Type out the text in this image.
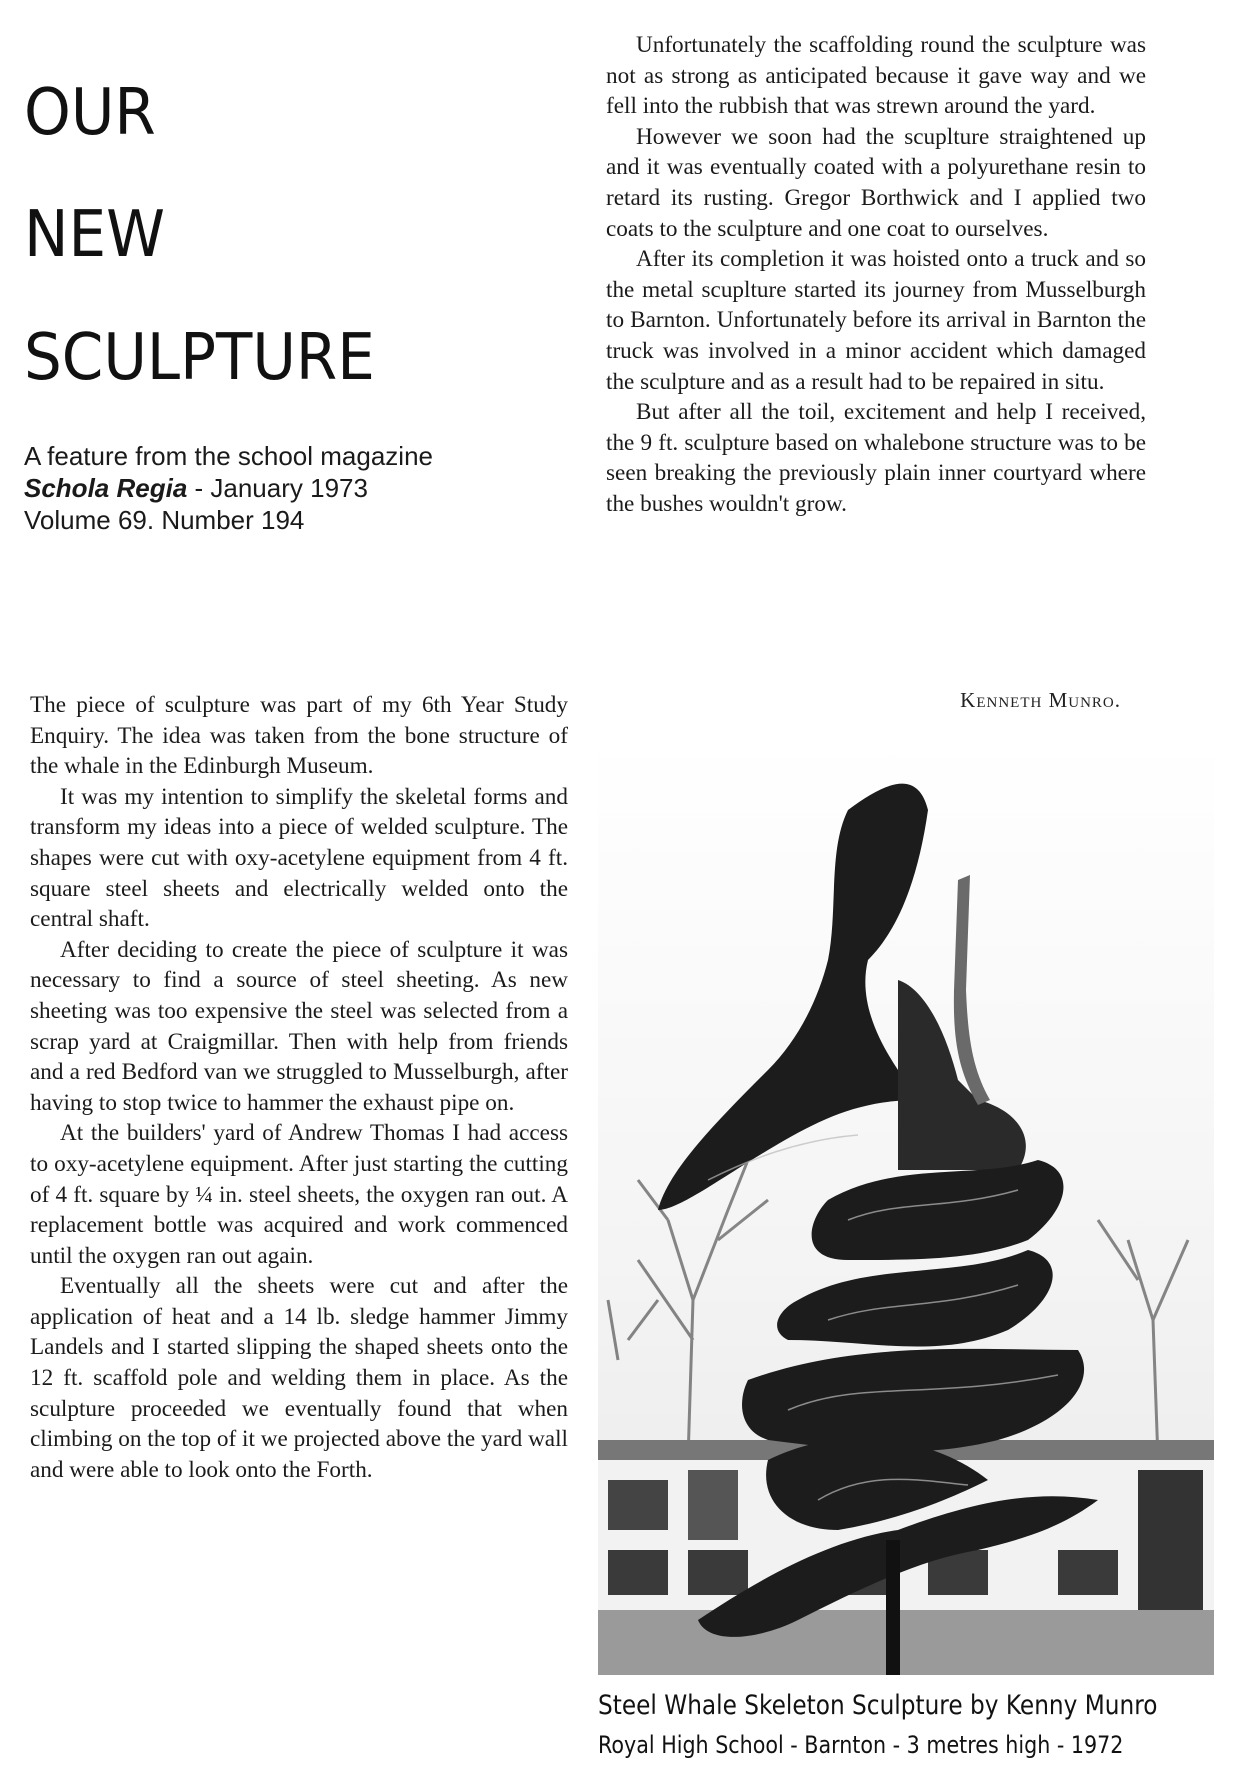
OUR
NEW
SCULPTURE
A feature from the school magazine
Schola Regia - January 1973
Volume 69. Number 194

The piece of sculpture was part of my 6th Year Study Enquiry. The idea was taken from the bone structure of the whale in the Edinburgh Museum.

It was my intention to simplify the skeletal forms and transform my ideas into a piece of welded sculpture. The shapes were cut with oxy-acetylene equipment from 4 ft. square steel sheets and electrically welded onto the central shaft.

After deciding to create the piece of sculpture it was necessary to find a source of steel sheeting. As new sheeting was too expensive the steel was selected from a scrap yard at Craigmillar. Then with help from friends and a red Bedford van we struggled to Musselburgh, after having to stop twice to hammer the exhaust pipe on.

At the builders' yard of Andrew Thomas I had access to oxy-acetylene equipment. After just starting the cutting of 4 ft. square by ¼ in. steel sheets, the oxygen ran out. A replacement bottle was acquired and work commenced until the oxygen ran out again.

Eventually all the sheets were cut and after the application of heat and a 14 lb. sledge hammer Jimmy Landels and I started slipping the shaped sheets onto the 12 ft. scaffold pole and welding them in place. As the sculpture proceeded we eventually found that when climbing on the top of it we projected above the yard wall and were able to look onto the Forth.

Unfortunately the scaffolding round the sculpture was not as strong as anticipated because it gave way and we fell into the rubbish that was strewn around the yard.

However we soon had the scuplture straightened up and it was eventually coated with a polyurethane resin to retard its rusting. Gregor Borthwick and I applied two coats to the sculpture and one coat to ourselves.

After its completion it was hoisted onto a truck and so the metal scuplture started its journey from Musselburgh to Barnton. Unfortunately before its arrival in Barnton the truck was involved in a minor accident which damaged the sculpture and as a result had to be repaired in situ.

But after all the toil, excitement and help I received, the 9 ft. sculpture based on whalebone structure was to be seen breaking the previously plain inner courtyard where the bushes wouldn't grow.

Kenneth Munro.
Steel Whale Skeleton Sculpture by Kenny Munro
Royal High School - Barnton - 3 metres high - 1972
